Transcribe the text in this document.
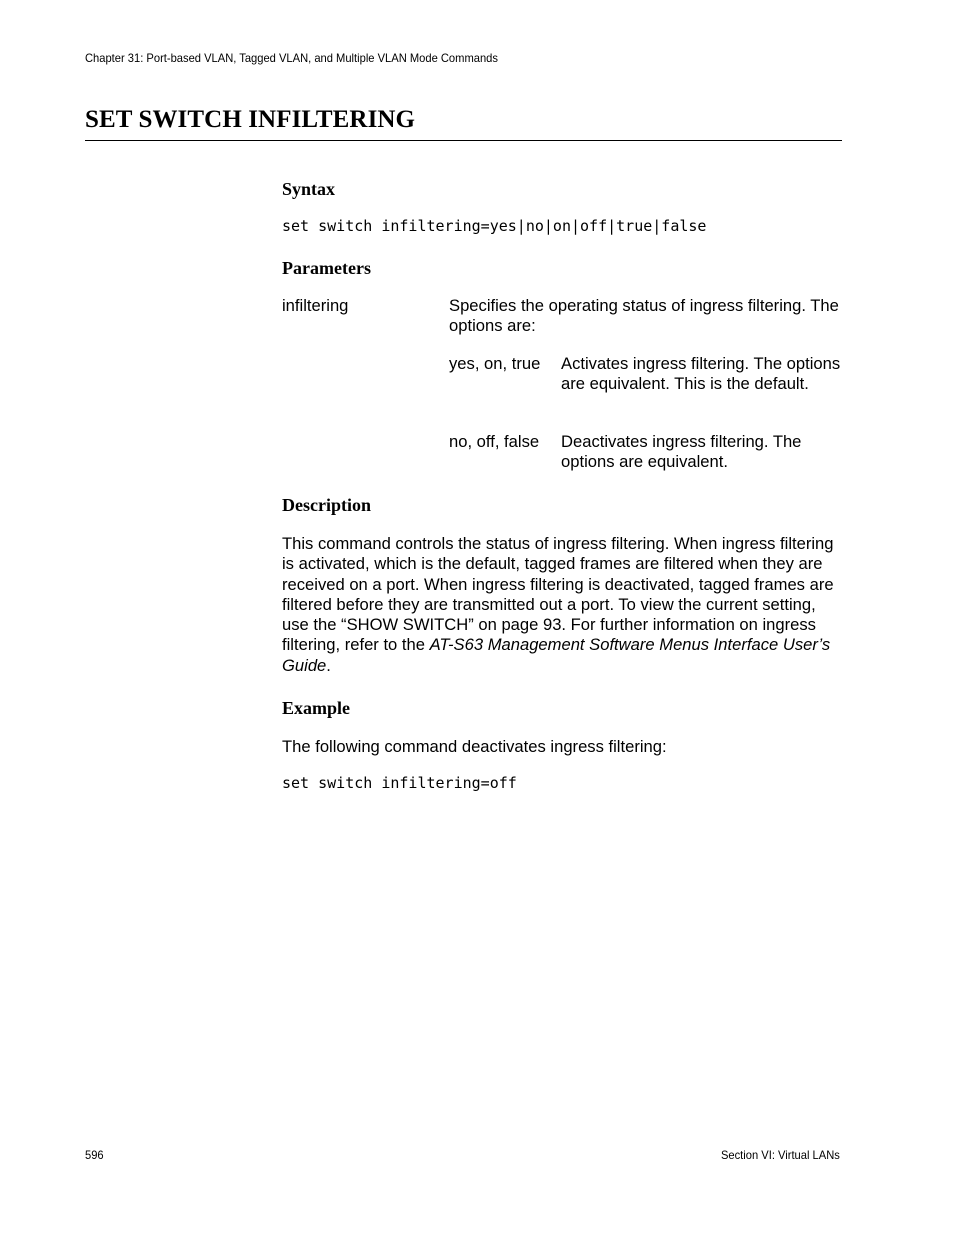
Chapter 31: Port-based VLAN, Tagged VLAN, and Multiple VLAN Mode Commands
SET SWITCH INFILTERING
Syntax
set switch infiltering=yes|no|on|off|true|false
Parameters
infiltering	Specifies the operating status of ingress filtering. The options are:
yes, on, true	Activates ingress filtering. The options are equivalent. This is the default.
no, off, false	Deactivates ingress filtering. The options are equivalent.
Description

This command controls the status of ingress filtering. When ingress filtering is activated, which is the default, tagged frames are filtered when they are received on a port. When ingress filtering is deactivated, tagged frames are filtered before they are transmitted out a port. To view the current setting, use the “SHOW SWITCH” on page 93. For further information on ingress filtering, refer to the AT-S63 Management Software Menus Interface User’s Guide.

Example

The following command deactivates ingress filtering:

set switch infiltering=off
596	Section VI: Virtual LANs
